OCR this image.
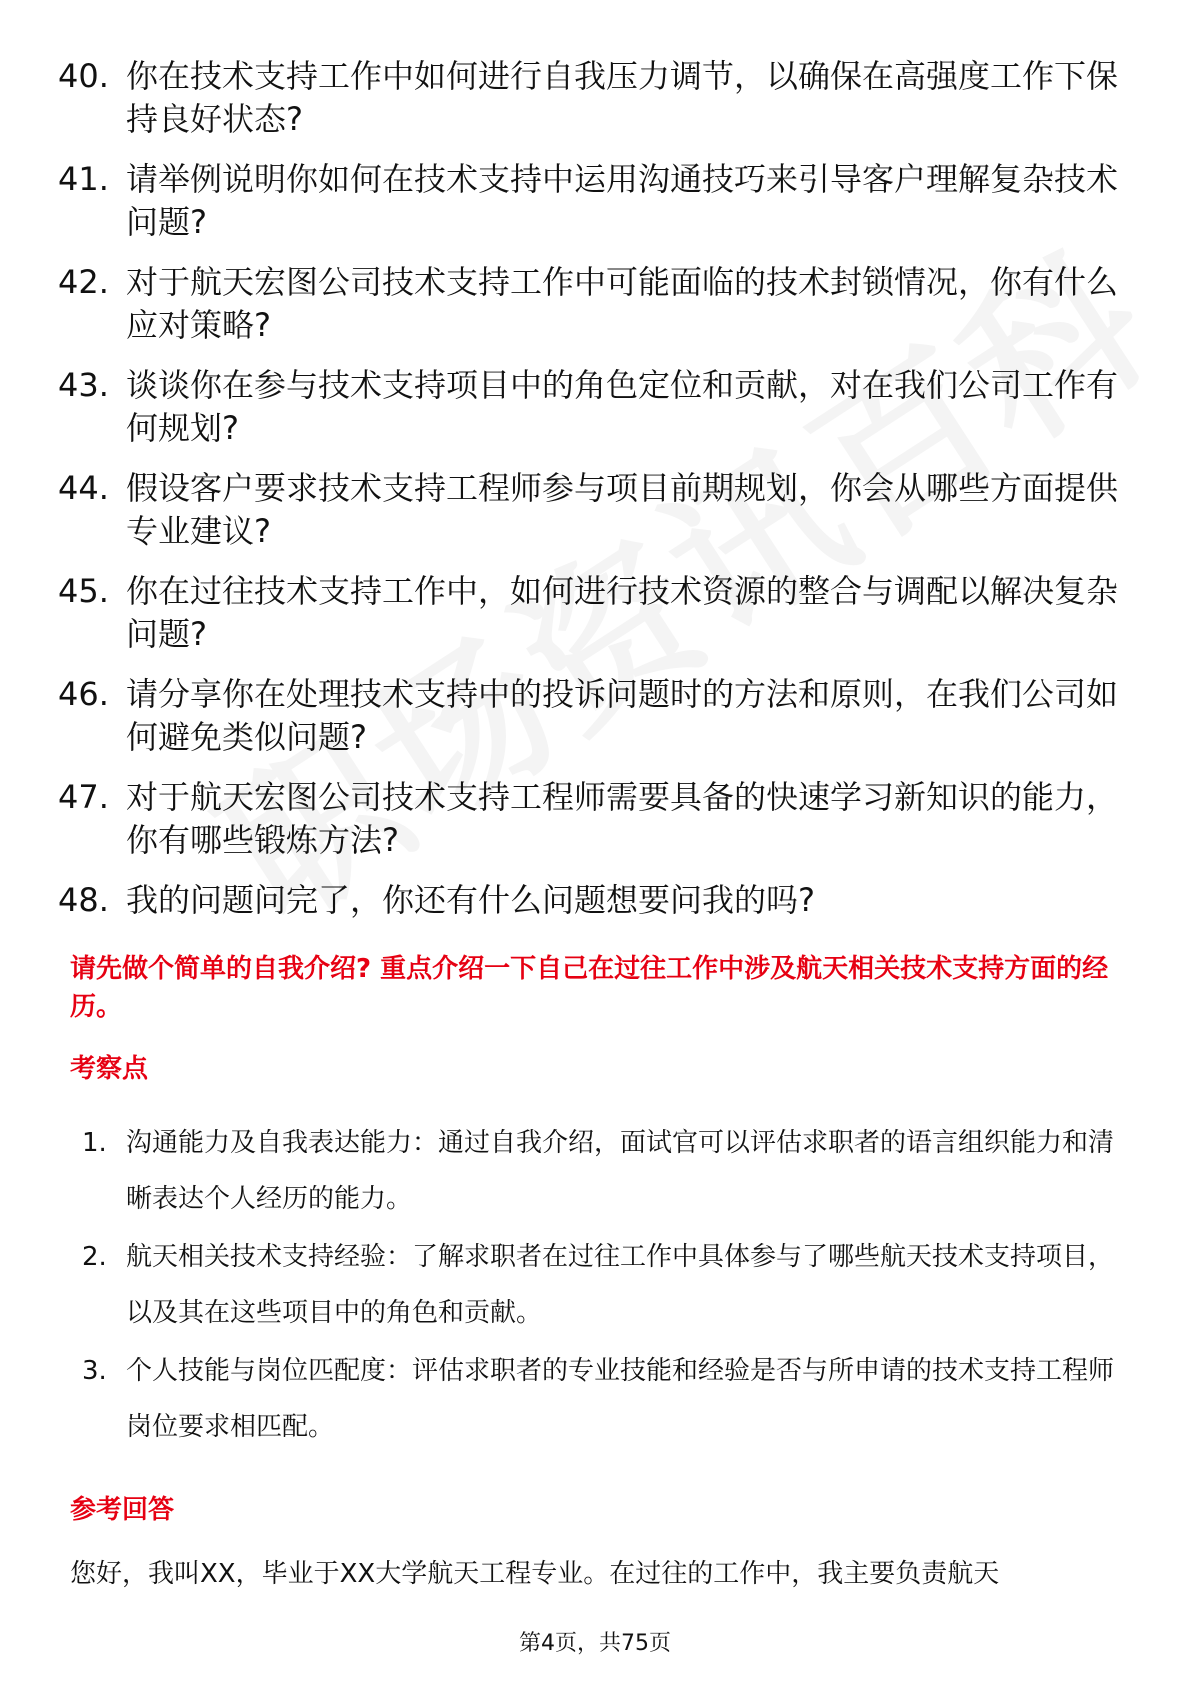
40. 你在技术支持工作中如何进行自我压力调节，以确保在高强度工作下保持良好状态?
41. 请举例说明你如何在技术支持中运用沟通技巧来引导客户理解复杂技术问题?
42. 对于航天宏图公司技术支持工作中可能面临的技术封锁情况，你有什么应对策略?
43. 谈谈你在参与技术支持项目中的角色定位和贡献，对在我们公司工作有何规划?
44. 假设客户要求技术支持工程师参与项目前期规划，你会从哪些方面提供专业建议?
45. 你在过往技术支持工作中，如何进行技术资源的整合与调配以解决复杂问题?
46. 请分享你在处理技术支持中的投诉问题时的方法和原则，在我们公司如何避免类似问题?
47. 对于航天宏图公司技术支持工程师需要具备的快速学习新知识的能力，你有哪些锻炼方法?
48. 我的问题问完了，你还有什么问题想要问我的吗?
请先做个简单的自我介绍? 重点介绍一下自己在过往工作中涉及航天相关技术支持方面的经历。
考察点
1. 沟通能力及自我表达能力：通过自我介绍，面试官可以评估求职者的语言组织能力和清晰表达个人经历的能力。
2. 航天相关技术支持经验：了解求职者在过往工作中具体参与了哪些航天技术支持项目，以及其在这些项目中的角色和贡献。
3. 个人技能与岗位匹配度：评估求职者的专业技能和经验是否与所申请的技术支持工程师岗位要求相匹配。
参考回答
您好，我叫XX，毕业于XX大学航天工程专业。在过往的工作中，我主要负责航天
第4页，共75页
